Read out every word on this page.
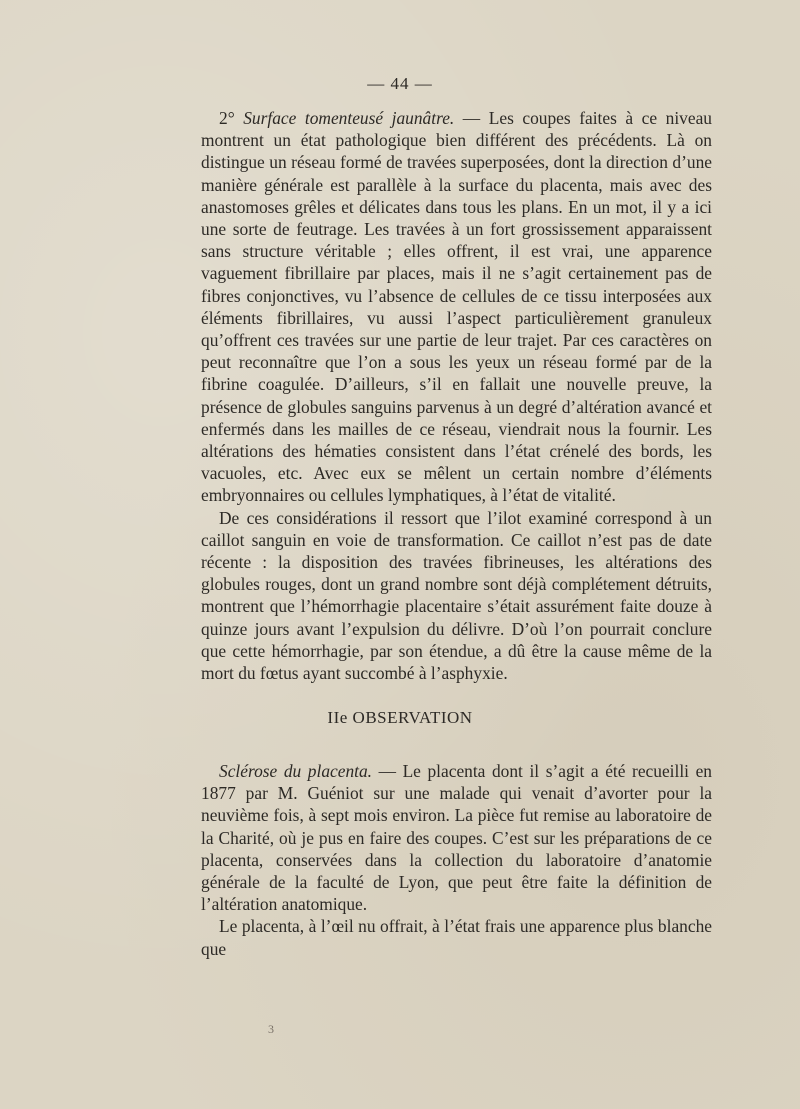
— 44 —

2° Surface tomenteusé jaunâtre. — Les coupes faites à ce niveau montrent un état pathologique bien différent des précédents. Là on distingue un réseau formé de travées superposées, dont la direction d’une manière générale est parallèle à la surface du placenta, mais avec des anastomoses grêles et délicates dans tous les plans. En un mot, il y a ici une sorte de feutrage. Les travées à un fort grossissement apparaissent sans structure véritable ; elles offrent, il est vrai, une apparence vaguement fibrillaire par places, mais il ne s’agit certainement pas de fibres conjonctives, vu l’absence de cellules de ce tissu interposées aux éléments fibrillaires, vu aussi l’aspect particulièrement granuleux qu’offrent ces travées sur une partie de leur trajet. Par ces caractères on peut reconnaître que l’on a sous les yeux un réseau formé par de la fibrine coagulée. D’ailleurs, s’il en fallait une nouvelle preuve, la présence de globules sanguins parvenus à un degré d’altération avancé et enfermés dans les mailles de ce réseau, viendrait nous la fournir. Les altérations des hématies consistent dans l’état crénelé des bords, les vacuoles, etc. Avec eux se mêlent un certain nombre d’éléments embryonnaires ou cellules lymphatiques, à l’état de vitalité.

De ces considérations il ressort que l’ilot examiné correspond à un caillot sanguin en voie de transformation. Ce caillot n’est pas de date récente : la disposition des travées fibrineuses, les altérations des globules rouges, dont un grand nombre sont déjà complétement détruits, montrent que l’hémorrhagie placentaire s’était assurément faite douze à quinze jours avant l’expulsion du délivre. D’où l’on pourrait conclure que cette hémorrhagie, par son étendue, a dû être la cause même de la mort du fœtus ayant succombé à l’asphyxie.

IIe OBSERVATION

Sclérose du placenta. — Le placenta dont il s’agit a été recueilli en 1877 par M. Guéniot sur une malade qui venait d’avorter pour la neuvième fois, à sept mois environ. La pièce fut remise au laboratoire de la Charité, où je pus en faire des coupes. C’est sur les préparations de ce placenta, conservées dans la collection du laboratoire d’anatomie générale de la faculté de Lyon, que peut être faite la définition de l’altération anatomique.

Le placenta, à l’œil nu offrait, à l’état frais une apparence plus blanche que

3
